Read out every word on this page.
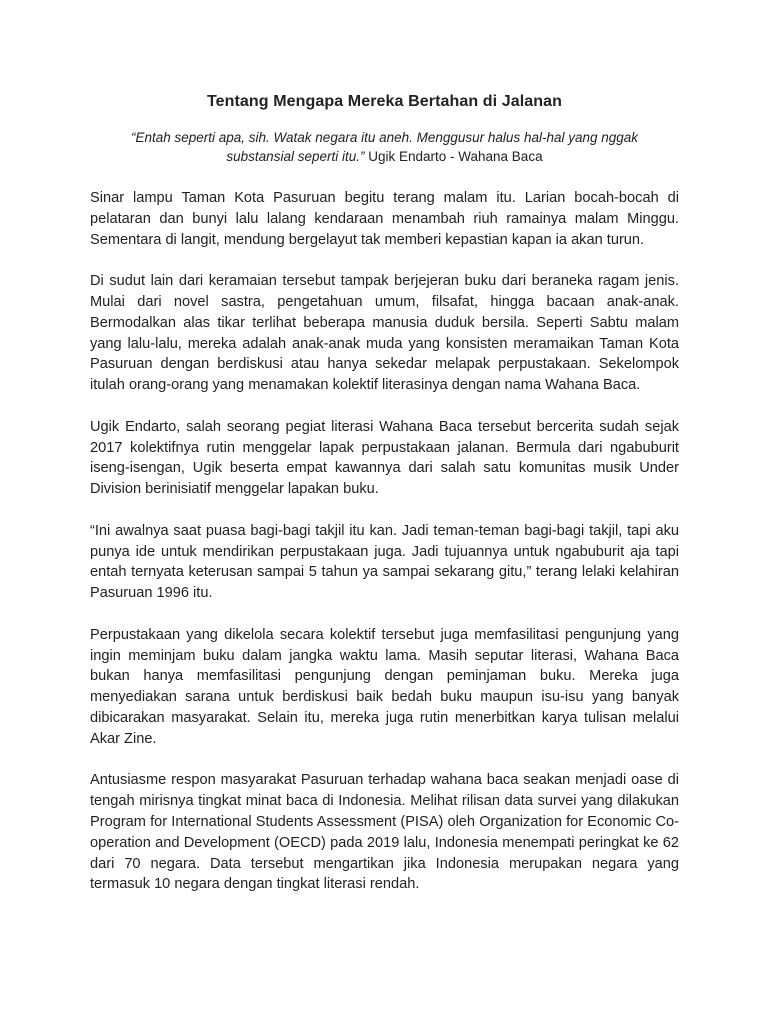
Tentang Mengapa Mereka Bertahan di Jalanan

“Entah seperti apa, sih. Watak negara itu aneh. Menggusur halus hal-hal yang nggak substansial seperti itu.” Ugik Endarto - Wahana Baca

Sinar lampu Taman Kota Pasuruan begitu terang malam itu. Larian bocah-bocah di pelataran dan bunyi lalu lalang kendaraan menambah riuh ramainya malam Minggu. Sementara di langit, mendung bergelayut tak memberi kepastian kapan ia akan turun.

Di sudut lain dari keramaian tersebut tampak berjejeran buku dari beraneka ragam jenis. Mulai dari novel sastra, pengetahuan umum, filsafat, hingga bacaan anak-anak. Bermodalkan alas tikar terlihat beberapa manusia duduk bersila. Seperti Sabtu malam yang lalu-lalu, mereka adalah anak-anak muda yang konsisten meramaikan Taman Kota Pasuruan dengan berdiskusi atau hanya sekedar melapak perpustakaan. Sekelompok itulah orang-orang yang menamakan kolektif literasinya dengan nama Wahana Baca.

Ugik Endarto, salah seorang pegiat literasi Wahana Baca tersebut bercerita sudah sejak 2017 kolektifnya rutin menggelar lapak perpustakaan jalanan. Bermula dari ngabuburit iseng-isengan, Ugik beserta empat kawannya dari salah satu komunitas musik Under Division berinisiatif menggelar lapakan buku.

“Ini awalnya saat puasa bagi-bagi takjil itu kan. Jadi teman-teman bagi-bagi takjil, tapi aku punya ide untuk mendirikan perpustakaan juga. Jadi tujuannya untuk ngabuburit aja tapi entah ternyata keterusan sampai 5 tahun ya sampai sekarang gitu,” terang lelaki kelahiran Pasuruan 1996 itu.

Perpustakaan yang dikelola secara kolektif tersebut juga memfasilitasi pengunjung yang ingin meminjam buku dalam jangka waktu lama. Masih seputar literasi, Wahana Baca bukan hanya memfasilitasi pengunjung dengan peminjaman buku. Mereka juga menyediakan sarana untuk berdiskusi baik bedah buku maupun isu-isu yang banyak dibicarakan masyarakat. Selain itu, mereka juga rutin menerbitkan karya tulisan melalui Akar Zine.

Antusiasme respon masyarakat Pasuruan terhadap wahana baca seakan menjadi oase di tengah mirisnya tingkat minat baca di Indonesia. Melihat rilisan data survei yang dilakukan Program for International Students Assessment (PISA) oleh Organization for Economic Co-operation and Development (OECD) pada 2019 lalu, Indonesia menempati peringkat ke 62 dari 70 negara. Data tersebut mengartikan jika Indonesia merupakan negara yang termasuk 10 negara dengan tingkat literasi rendah.
